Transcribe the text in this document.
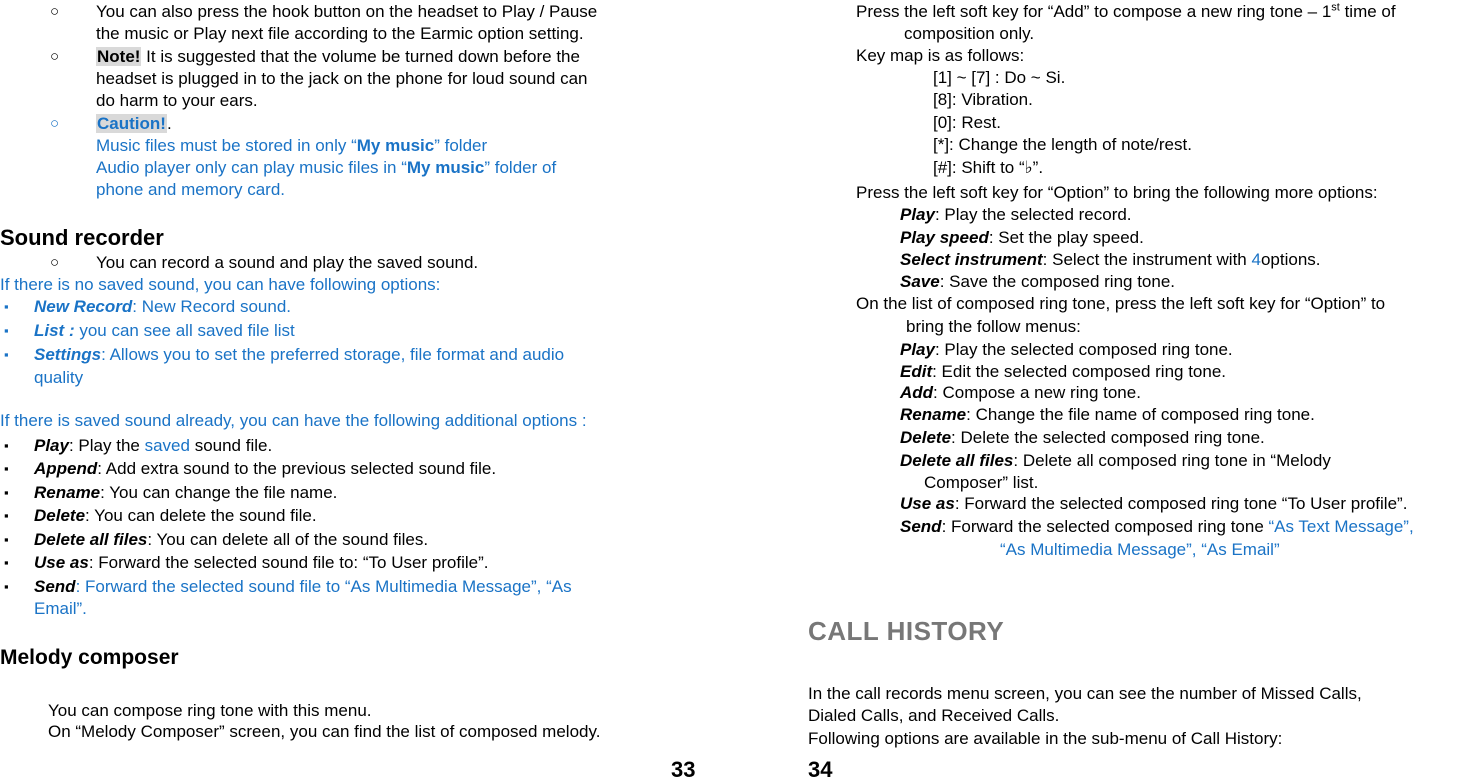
○ You can also press the hook button on the headset to Play / Pause
the music or Play next file according to the Earmic option setting.
○ Note! It is suggested that the volume be turned down before the
headset is plugged in to the jack on the phone for loud sound can
do harm to your ears.
○ Caution!.
Music files must be stored in only “My music” folder
Audio player only can play music files in “My music” folder of
phone and memory card.
Sound recorder
○ You can record a sound and play the saved sound.
If there is no saved sound, you can have following options:
▪ New Record: New Record sound.
▪ List : you can see all saved file list
▪ Settings: Allows you to set the preferred storage, file format and audio
quality
If there is saved sound already, you can have the following additional options :
▪ Play: Play the saved sound file.
▪ Append: Add extra sound to the previous selected sound file.
▪ Rename: You can change the file name.
▪ Delete: You can delete the sound file.
▪ Delete all files: You can delete all of the sound files.
▪ Use as: Forward the selected sound file to: “To User profile”.
▪ Send: Forward the selected sound file to “As Multimedia Message”, “As
Email”.
Melody composer
You can compose ring tone with this menu.
On “Melody Composer” screen, you can find the list of composed melody.
33
Press the left soft key for “Add” to compose a new ring tone – 1st time of
composition only.
Key map is as follows:
[1] ~ [7] : Do ~ Si.
[8]: Vibration.
[0]: Rest.
[*]: Change the length of note/rest.
[#]: Shift to “♭”.
Press the left soft key for “Option” to bring the following more options:
Play: Play the selected record.
Play speed: Set the play speed.
Select instrument: Select the instrument with 4options.
Save: Save the composed ring tone.
On the list of composed ring tone, press the left soft key for “Option” to
bring the follow menus:
Play: Play the selected composed ring tone.
Edit: Edit the selected composed ring tone.
Add: Compose a new ring tone.
Rename: Change the file name of composed ring tone.
Delete: Delete the selected composed ring tone.
Delete all files: Delete all composed ring tone in “Melody
Composer” list.
Use as: Forward the selected composed ring tone “To User profile”.
Send: Forward the selected composed ring tone “As Text Message”,
“As Multimedia Message”, “As Email”
CALL HISTORY
In the call records menu screen, you can see the number of Missed Calls,
Dialed Calls, and Received Calls.
Following options are available in the sub-menu of Call History:
34
